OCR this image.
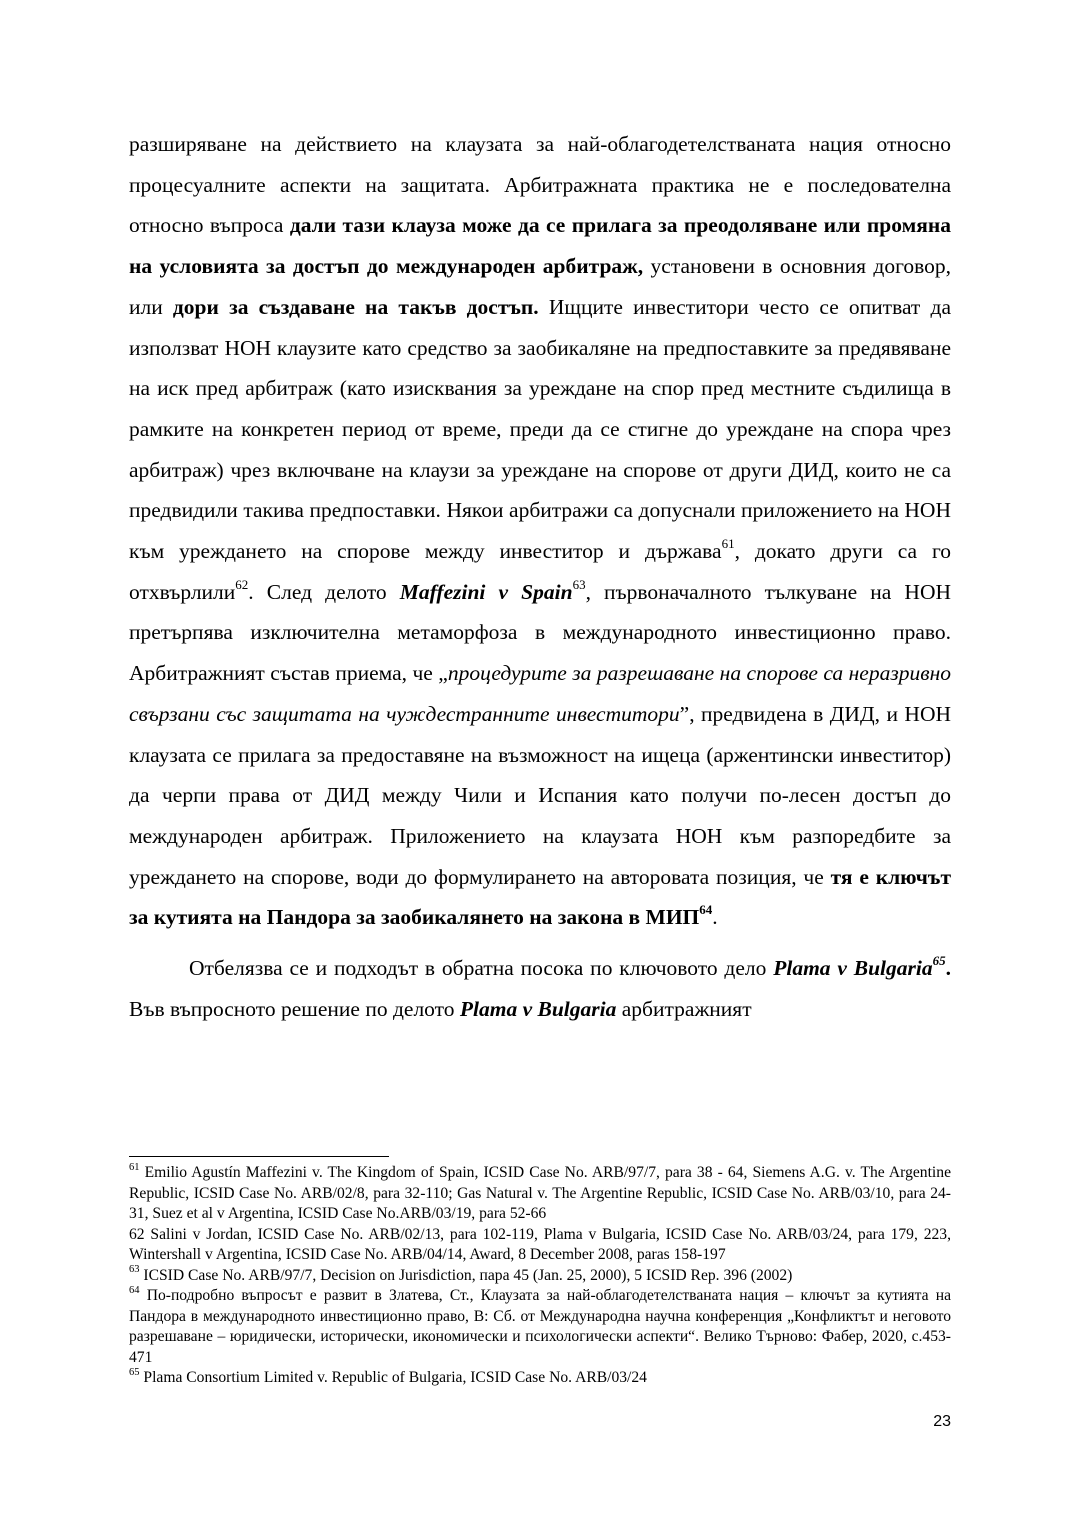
разширяване на действието на клаузата за най-облагодетелстваната нация относно процесуалните аспекти на защитата. Арбитражната практика не е последователна относно въпроса дали тази клауза може да се прилага за преодоляване или промяна на условията за достъп до международен арбитраж, установени в основния договор, или дори за създаване на такъв достъп. Ищците инвеститори често се опитват да използват НОН клаузите като средство за заобикаляне на предпоставките за предявяване на иск пред арбитраж (като изисквания за уреждане на спор пред местните съдилища в рамките на конкретен период от време, преди да се стигне до уреждане на спора чрез арбитраж) чрез включване на клаузи за уреждане на спорове от други ДИД, които не са предвидили такива предпоставки. Някои арбитражи са допуснали приложението на НОН към уреждането на спорове между инвеститор и държава$^{61}$, докато други са го отхвърлили$^{62}$. След делото Maffezini v Spain$^{63}$, първоначалното тълкуване на НОН претърпява изключителна метаморфоза в международното инвестиционно право. Арбитражният състав приема, че „процедурите за разрешаване на спорове са неразривно свързани със защитата на чуждестранните инвеститори”, предвидена в ДИД, и НОН клаузата се прилага за предоставяне на възможност на ищеца (аржентински инвеститор) да черпи права от ДИД между Чили и Испания като получи по-лесен достъп до международен арбитраж. Приложението на клаузата НОН към разпоредбите за уреждането на спорове, води до формулирането на авторовата позиция, че тя е ключът за кутията на Пандора за заобикалянето на закона в МИП$^{64}$.

Отбелязва се и подходът в обратна посока по ключовото дело Plama v Bulgaria$^{65}$. Във въпросното решение по делото Plama v Bulgaria арбитражният

$^{61}$ Emilio Agustín Maffezini v. The Kingdom of Spain, ICSID Case No. ARB/97/7, para 38 - 64, Siemens A.G. v. The Argentine Republic, ICSID Case No. ARB/02/8, para 32-110; Gas Natural v. The Argentine Republic, ICSID Case No. ARB/03/10, para 24-31, Suez et al v Argentina, ICSID Case No.ARB/03/19, para 52-66

62 Salini v Jordan, ICSID Case No. ARB/02/13, para 102-119, Plama v Bulgaria, ICSID Case No. ARB/03/24, para 179, 223, Wintershall v Argentina, ICSID Case No. ARB/04/14, Award, 8 December 2008, paras 158-197

$^{63}$ ICSID Case No. ARB/97/7, Decision on Jurisdiction, пара 45 (Jan. 25, 2000), 5 ICSID Rep. 396 (2002)

$^{64}$ По-подробно въпросът е развит в Златева, Ст., Клаузата за най-облагодетелстваната нация – ключът за кутията на Пандора в международното инвестиционно право, В: Сб. от Международна научна конференция „Конфликтът и неговото разрешаване – юридически, исторически, икономически и психологически аспекти“. Велико Търново: Фабер, 2020, с.453-471

$^{65}$ Plama Consortium Limited v. Republic of Bulgaria, ICSID Case No. ARB/03/24

23
